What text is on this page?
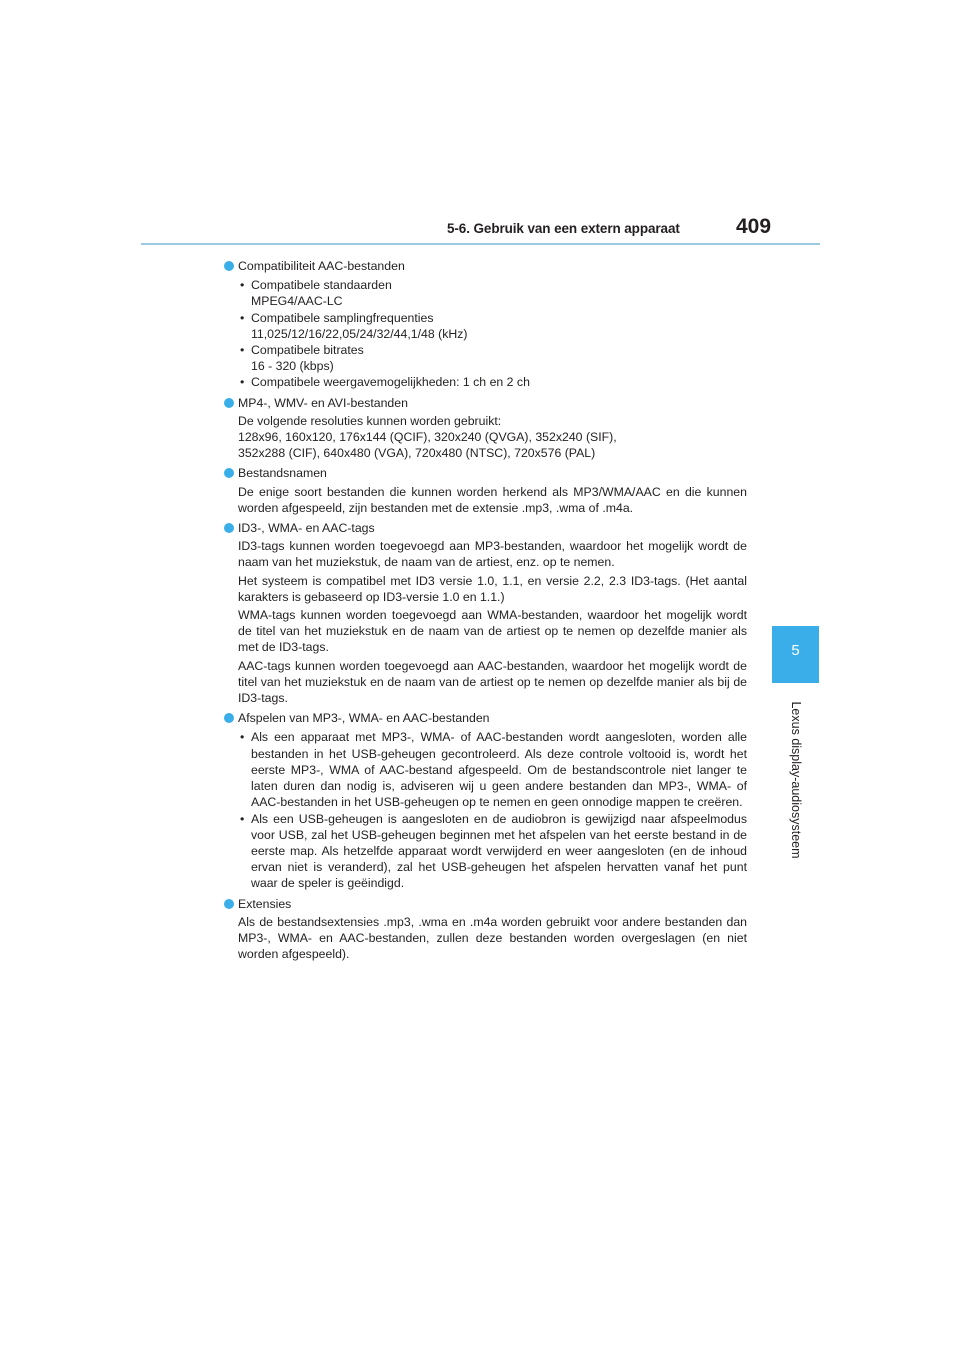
5-6. Gebruik van een extern apparaat	409
5
Lexus display-audiosysteem
Compatibiliteit AAC-bestanden
• Compatibele standaarden
MPEG4/AAC-LC
• Compatibele samplingfrequenties
11,025/12/16/22,05/24/32/44,1/48 (kHz)
• Compatibele bitrates
16 - 320 (kbps)
• Compatibele weergavemogelijkheden: 1 ch en 2 ch
MP4-, WMV- en AVI-bestanden
De volgende resoluties kunnen worden gebruikt:
128x96, 160x120, 176x144 (QCIF), 320x240 (QVGA), 352x240 (SIF),
352x288 (CIF), 640x480 (VGA), 720x480 (NTSC), 720x576 (PAL)
Bestandsnamen
De enige soort bestanden die kunnen worden herkend als MP3/WMA/AAC en die kunnen worden afgespeeld, zijn bestanden met de extensie .mp3, .wma of .m4a.
ID3-, WMA- en AAC-tags
ID3-tags kunnen worden toegevoegd aan MP3-bestanden, waardoor het mogelijk wordt de naam van het muziekstuk, de naam van de artiest, enz. op te nemen.
Het systeem is compatibel met ID3 versie 1.0, 1.1, en versie 2.2, 2.3 ID3-tags. (Het aantal karakters is gebaseerd op ID3-versie 1.0 en 1.1.)
WMA-tags kunnen worden toegevoegd aan WMA-bestanden, waardoor het mogelijk wordt de titel van het muziekstuk en de naam van de artiest op te nemen op dezelfde manier als met de ID3-tags.
AAC-tags kunnen worden toegevoegd aan AAC-bestanden, waardoor het mogelijk wordt de titel van het muziekstuk en de naam van de artiest op te nemen op dezelfde manier als bij de ID3-tags.
Afspelen van MP3-, WMA- en AAC-bestanden
• Als een apparaat met MP3-, WMA- of AAC-bestanden wordt aangesloten, worden alle bestanden in het USB-geheugen gecontroleerd. Als deze controle voltooid is, wordt het eerste MP3-, WMA of AAC-bestand afgespeeld. Om de bestandscontrole niet langer te laten duren dan nodig is, adviseren wij u geen andere bestanden dan MP3-, WMA- of AAC-bestanden in het USB-geheugen op te nemen en geen onnodige mappen te creëren.
• Als een USB-geheugen is aangesloten en de audiobron is gewijzigd naar afspeelmodus voor USB, zal het USB-geheugen beginnen met het afspelen van het eerste bestand in de eerste map. Als hetzelfde apparaat wordt verwijderd en weer aangesloten (en de inhoud ervan niet is veranderd), zal het USB-geheugen het afspelen hervatten vanaf het punt waar de speler is geëindigd.
Extensies
Als de bestandsextensies .mp3, .wma en .m4a worden gebruikt voor andere bestanden dan MP3-, WMA- en AAC-bestanden, zullen deze bestanden worden overgeslagen (en niet worden afgespeeld).
